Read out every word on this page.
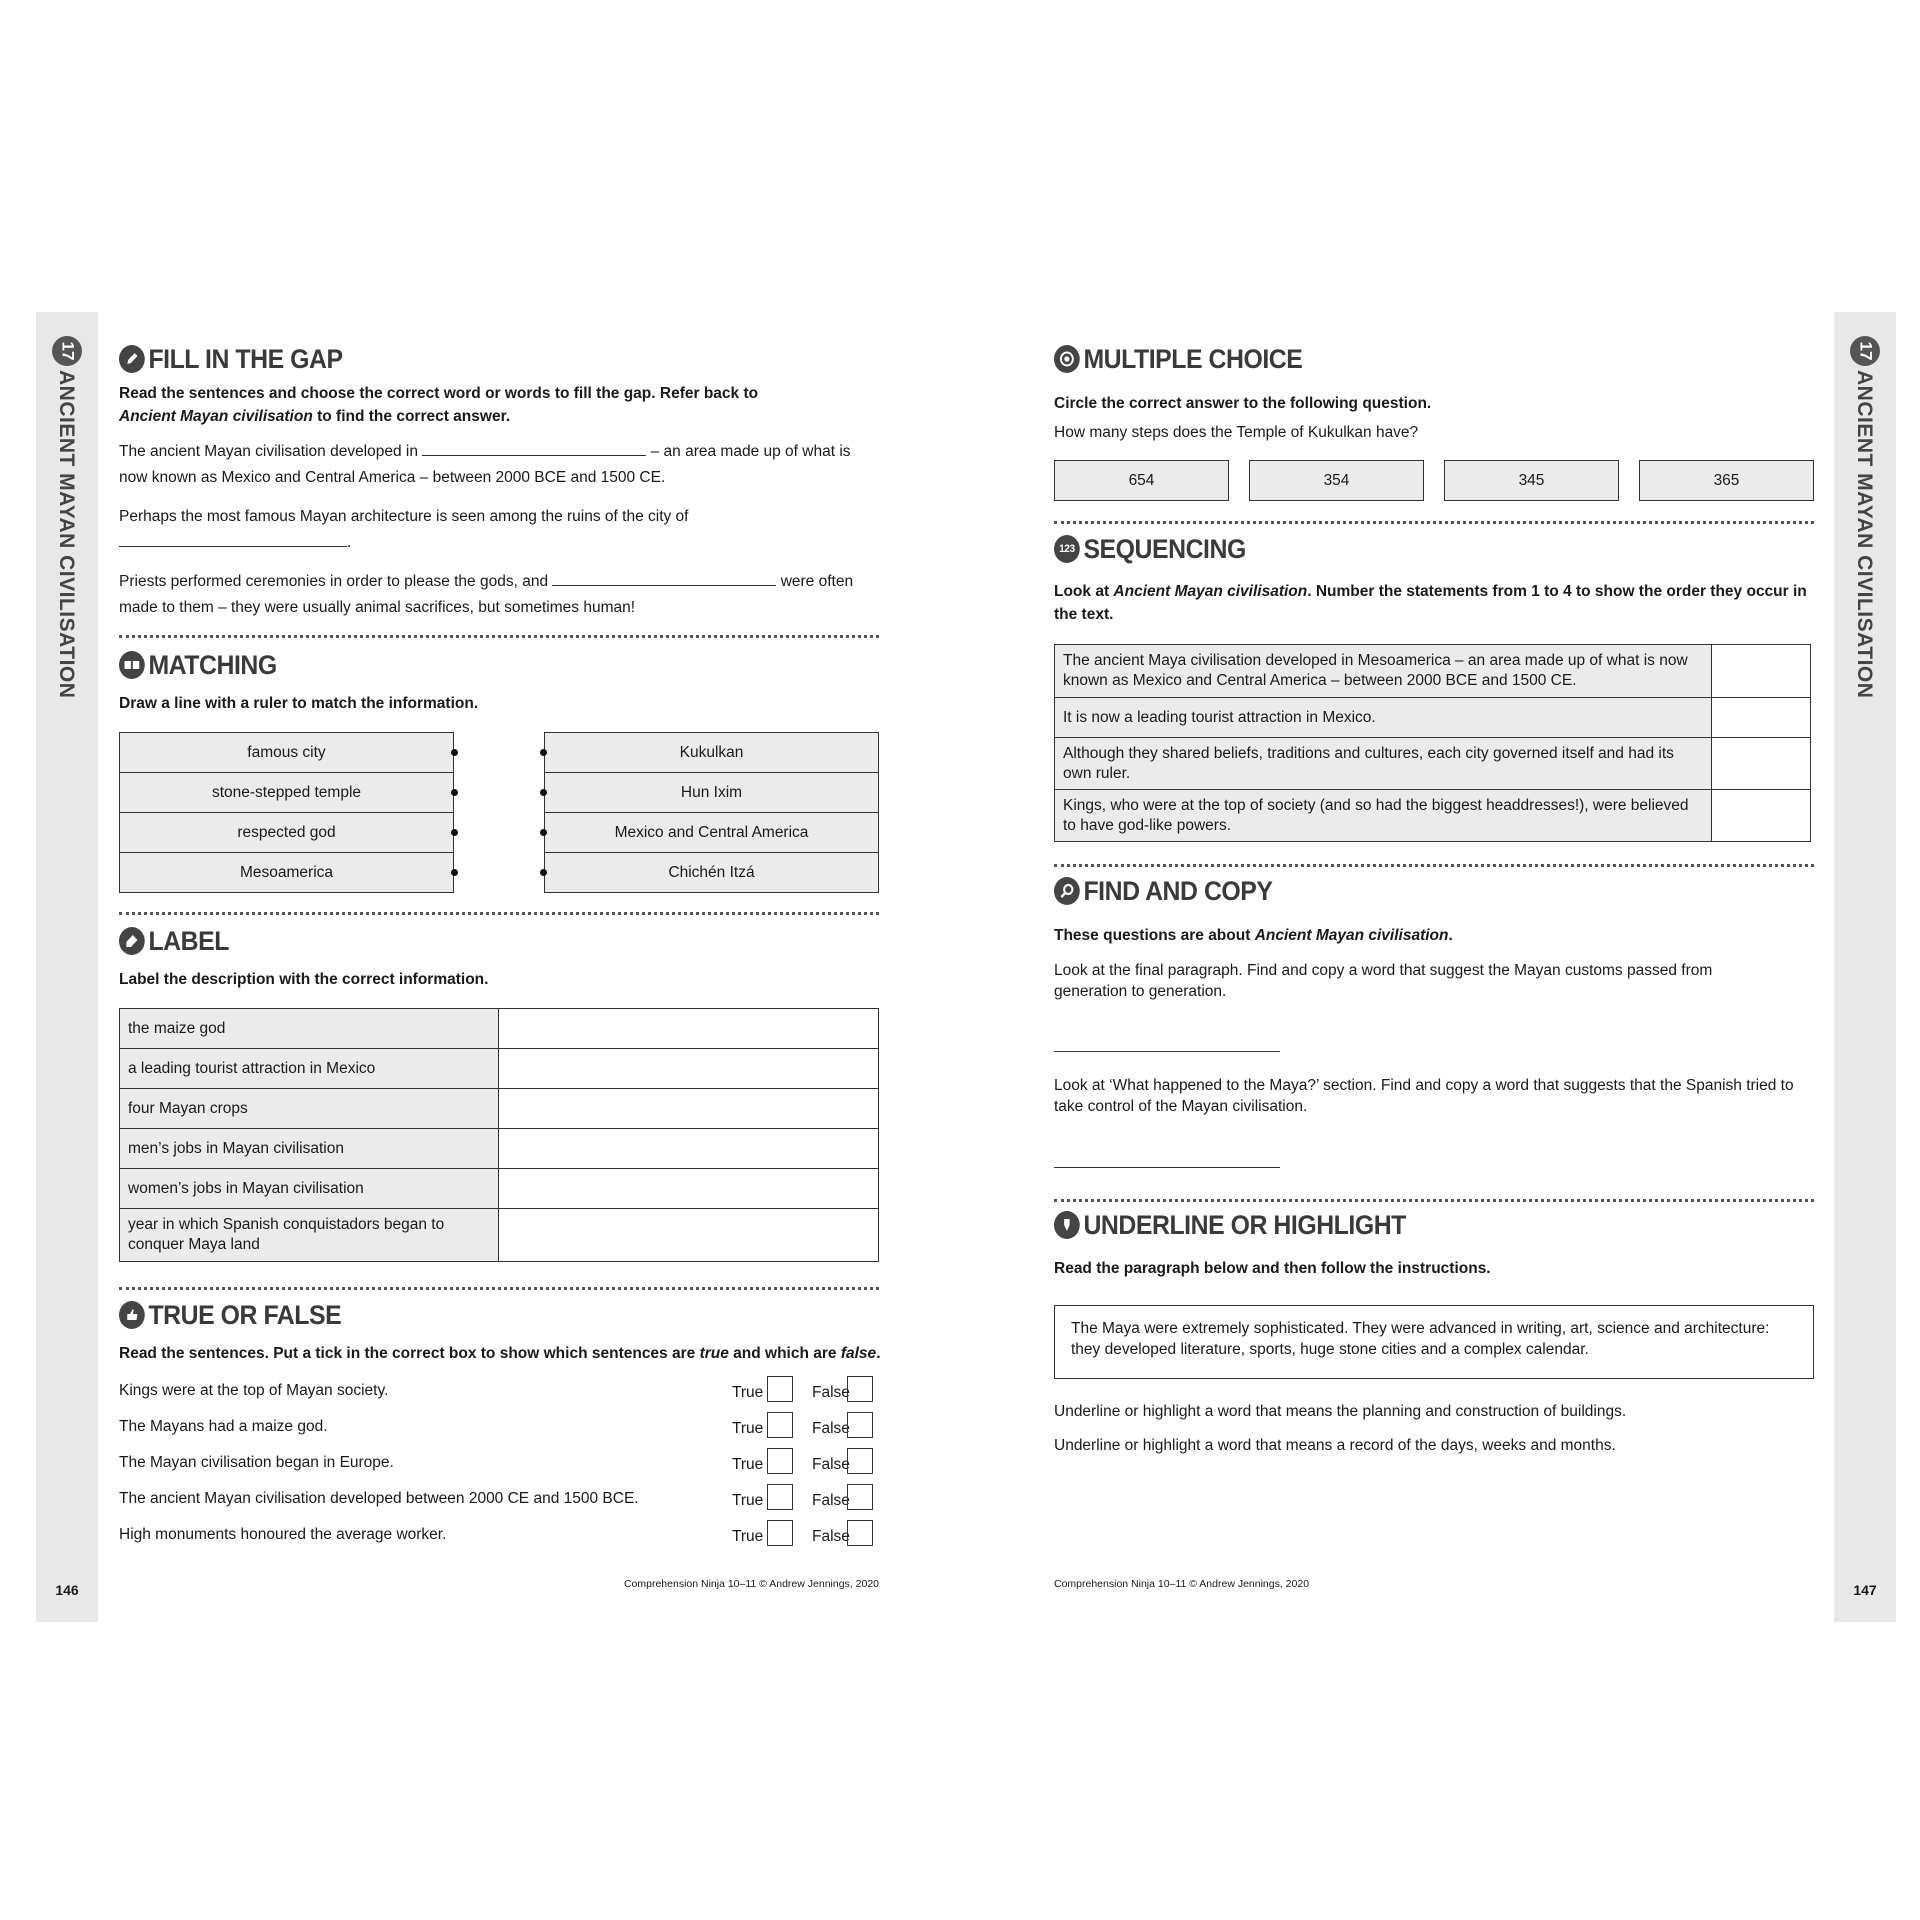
17
ANCIENT MAYAN CIVILISATION
146
17
ANCIENT MAYAN CIVILISATION
147
FILL IN THE GAP
Read the sentences and choose the correct word or words to fill the gap. Refer back to
Ancient Mayan civilisation to find the correct answer.
The ancient Mayan civilisation developed in	– an area made up of what is
now known as Mexico and Central America – between 2000 BCE and 1500 CE.
Perhaps the most famous Mayan architecture is seen among the ruins of the city of
.
Priests performed ceremonies in order to please the gods, and	were often
made to them – they were usually animal sacrifices, but sometimes human!
MATCHING
Draw a line with a ruler to match the information.
famous city
stone-stepped temple
respected god
Mesoamerica
Kukulkan
Hun Ixim
Mexico and Central America
Chichén Itzá
LABEL
Label the description with the correct information.
the maize god	
a leading tourist attraction in Mexico	
four Mayan crops	
men’s jobs in Mayan civilisation	
women’s jobs in Mayan civilisation	
year in which Spanish conquistadors began to conquer Maya land	
TRUE OR FALSE
Read the sentences. Put a tick in the correct box to show which sentences are true and which are false.
Kings were at the top of Mayan society.	True	False
The Mayans had a maize god.	True	False
The Mayan civilisation began in Europe.	True	False
The ancient Mayan civilisation developed between 2000 CE and 1500 BCE.	True	False
High monuments honoured the average worker.	True	False
Comprehension Ninja 10–11 © Andrew Jennings, 2020
MULTIPLE CHOICE
Circle the correct answer to the following question.
How many steps does the Temple of Kukulkan have?
654	354	345	365
123 SEQUENCING
Look at Ancient Mayan civilisation. Number the statements from 1 to 4 to show the order they occur in the text.
The ancient Maya civilisation developed in Mesoamerica – an area made up of what is now known as Mexico and Central America – between 2000 BCE and 1500 CE.	
It is now a leading tourist attraction in Mexico.	
Although they shared beliefs, traditions and cultures, each city governed itself and had its own ruler.	
Kings, who were at the top of society (and so had the biggest headdresses!), were believed to have god-like powers.	
FIND AND COPY
These questions are about Ancient Mayan civilisation.
Look at the final paragraph. Find and copy a word that suggest the Mayan customs passed from generation to generation.
Look at ‘What happened to the Maya?’ section. Find and copy a word that suggests that the Spanish tried to take control of the Mayan civilisation.
UNDERLINE OR HIGHLIGHT
Read the paragraph below and then follow the instructions.
The Maya were extremely sophisticated. They were advanced in writing, art, science and architecture: they developed literature, sports, huge stone cities and a complex calendar.
Underline or highlight a word that means the planning and construction of buildings.
Underline or highlight a word that means a record of the days, weeks and months.
Comprehension Ninja 10–11 © Andrew Jennings, 2020
